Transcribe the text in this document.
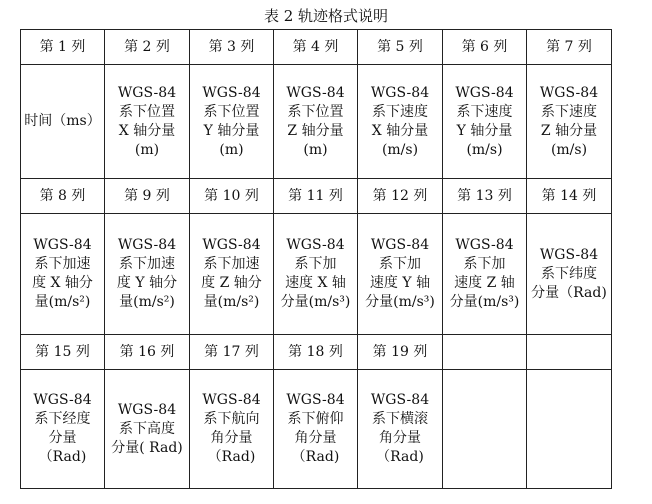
表 2 轨迹格式说明
第 1 列	第 2 列	第 3 列	第 4 列	第 5 列	第 6 列	第 7 列
时间（ms）	WGS-84
系下位置
X 轴分量
(m)	WGS-84
系下位置
Y 轴分量
(m)	WGS-84
系下位置
Z 轴分量
(m)	WGS-84
系下速度
X 轴分量
(m/s)	WGS-84
系下速度
Y 轴分量
(m/s)	WGS-84
系下速度
Z 轴分量
(m/s)
第 8 列	第 9 列	第 10 列	第 11 列	第 12 列	第 13 列	第 14 列
WGS-84
系下加速
度 X 轴分
量(m/s²)	WGS-84
系下加速
度 Y 轴分
量(m/s²)	WGS-84
系下加速
度 Z 轴分
量(m/s²)	WGS-84
系下加
速度 X 轴
分量(m/s³)	WGS-84
系下加
速度 Y 轴
分量(m/s³)	WGS-84
系下加
速度 Z 轴
分量(m/s³)	WGS-84
系下纬度
分量（Rad)
第 15 列	第 16 列	第 17 列	第 18 列	第 19 列		
WGS-84
系下经度
分量
（Rad)	WGS-84
系下高度
分量( Rad)	WGS-84
系下航向
角分量
（Rad)	WGS-84
系下俯仰
角分量
（Rad)	WGS-84
系下横滚
角分量
（Rad)		
